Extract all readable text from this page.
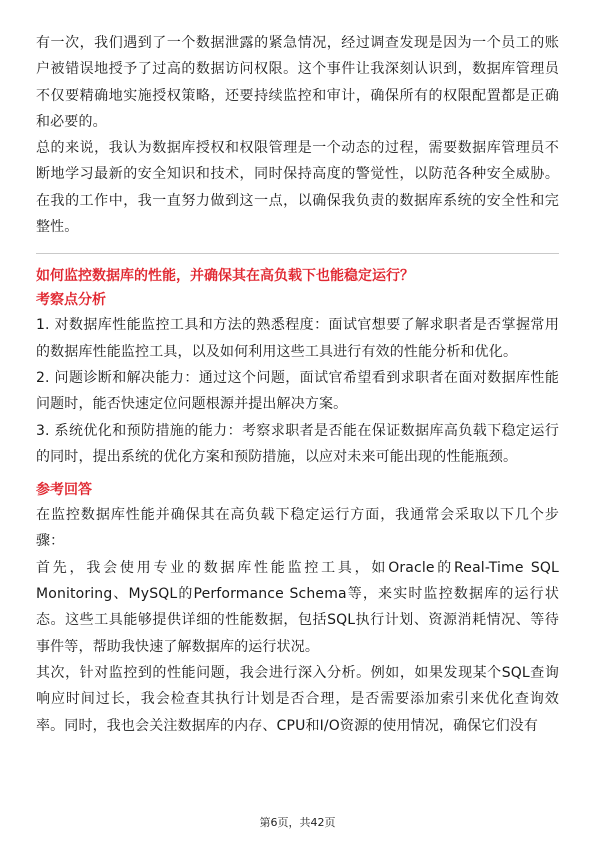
有一次，我们遇到了一个数据泄露的紧急情况，经过调查发现是因为一个员工的账户被错误地授予了过高的数据访问权限。这个事件让我深刻认识到，数据库管理员不仅要精确地实施授权策略，还要持续监控和审计，确保所有的权限配置都是正确和必要的。

总的来说，我认为数据库授权和权限管理是一个动态的过程，需要数据库管理员不断地学习最新的安全知识和技术，同时保持高度的警觉性，以防范各种安全威胁。在我的工作中，我一直努力做到这一点，以确保我负责的数据库系统的安全性和完整性。

如何监控数据库的性能，并确保其在高负载下也能稳定运行？
考察点分析

1. 对数据库性能监控工具和方法的熟悉程度：面试官想要了解求职者是否掌握常用的数据库性能监控工具，以及如何利用这些工具进行有效的性能分析和优化。

2. 问题诊断和解决能力：通过这个问题，面试官希望看到求职者在面对数据库性能问题时，能否快速定位问题根源并提出解决方案。

3. 系统优化和预防措施的能力：考察求职者是否能在保证数据库高负载下稳定运行的同时，提出系统的优化方案和预防措施，以应对未来可能出现的性能瓶颈。

参考回答

在监控数据库性能并确保其在高负载下稳定运行方面，我通常会采取以下几个步骤：

首先，我会使用专业的数据库性能监控工具，如Oracle的Real-Time SQL Monitoring、MySQL的Performance Schema等，来实时监控数据库的运行状态。这些工具能够提供详细的性能数据，包括SQL执行计划、资源消耗情况、等待事件等，帮助我快速了解数据库的运行状况。

其次，针对监控到的性能问题，我会进行深入分析。例如，如果发现某个SQL查询响应时间过长，我会检查其执行计划是否合理，是否需要添加索引来优化查询效率。同时，我也会关注数据库的内存、CPU和I/O资源的使用情况，确保它们没有

第6页，共42页
